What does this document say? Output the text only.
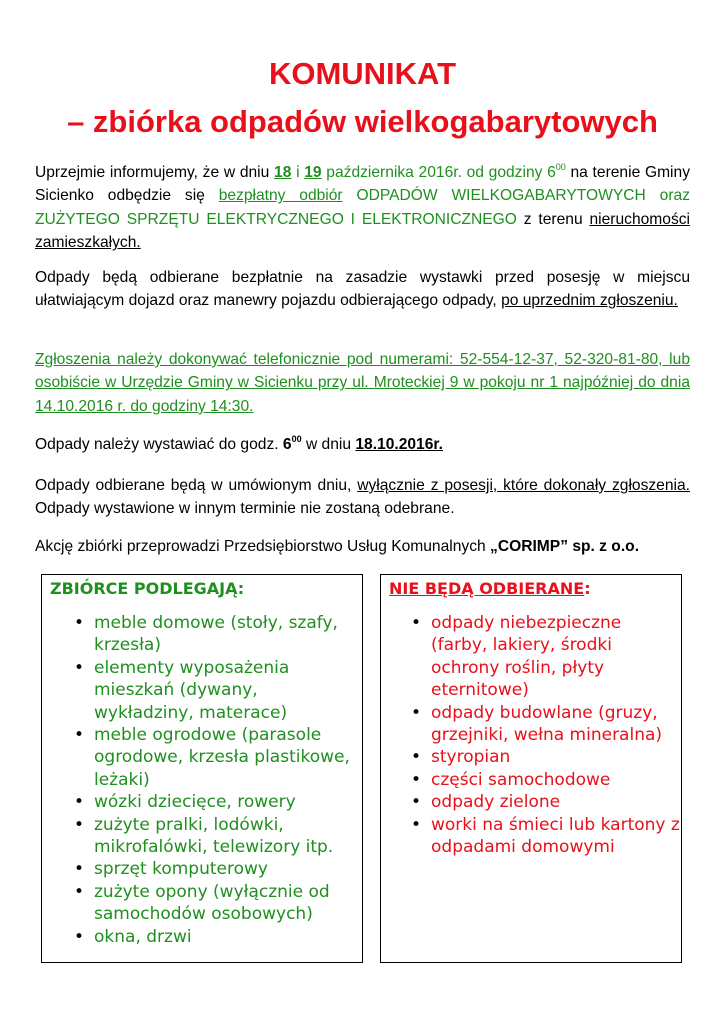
KOMUNIKAT
– zbiórka odpadów wielkogabarytowych

Uprzejmie informujemy, że w dniu 18 i 19 października 2016r. od godziny $6^{00}$ na terenie Gminy Sicienko odbędzie się bezpłatny odbiór ODPADÓW WIELKOGABARYTOWYCH oraz ZUŻYTEGO SPRZĘTU ELEKTRYCZNEGO I ELEKTRONICZNEGO z terenu nieruchomości zamieszkałych.

Odpady będą odbierane bezpłatnie na zasadzie wystawki przed posesję w miejscu ułatwiającym dojazd oraz manewry pojazdu odbierającego odpady, po uprzednim zgłoszeniu.

Zgłoszenia należy dokonywać telefonicznie pod numerami: 52-554-12-37, 52-320-81-80, lub osobiście w Urzędzie Gminy w Sicienku przy ul. Mroteckiej 9 w pokoju nr 1 najpóźniej do dnia 14.10.2016 r. do godziny 14:30.

Odpady należy wystawiać do godz. $6^{00}$ w dniu 18.10.2016r.

Odpady odbierane będą w umówionym dniu, wyłącznie z posesji, które dokonały zgłoszenia. Odpady wystawione w innym terminie nie zostaną odebrane.

Akcję zbiórki przeprowadzi Przedsiębiorstwo Usług Komunalnych „CORIMP” sp. z o.o.

ZBIÓRCE PODLEGAJĄ:
• meble domowe (stoły, szafy, krzesła)
• elementy wyposażenia mieszkań (dywany, wykładziny, materace)
• meble ogrodowe (parasole ogrodowe, krzesła plastikowe, leżaki)
• wózki dziecięce, rowery
• zużyte pralki, lodówki, mikrofalówki, telewizory itp.
• sprzęt komputerowy
• zużyte opony (wyłącznie od samochodów osobowych)
• okna, drzwi
NIE BĘDĄ ODBIERANE:
• odpady niebezpieczne (farby, lakiery, środki ochrony roślin, płyty eternitowe)
• odpady budowlane (gruzy, grzejniki, wełna mineralna)
• styropian
• części samochodowe
• odpady zielone
• worki na śmieci lub kartony z odpadami domowymi
